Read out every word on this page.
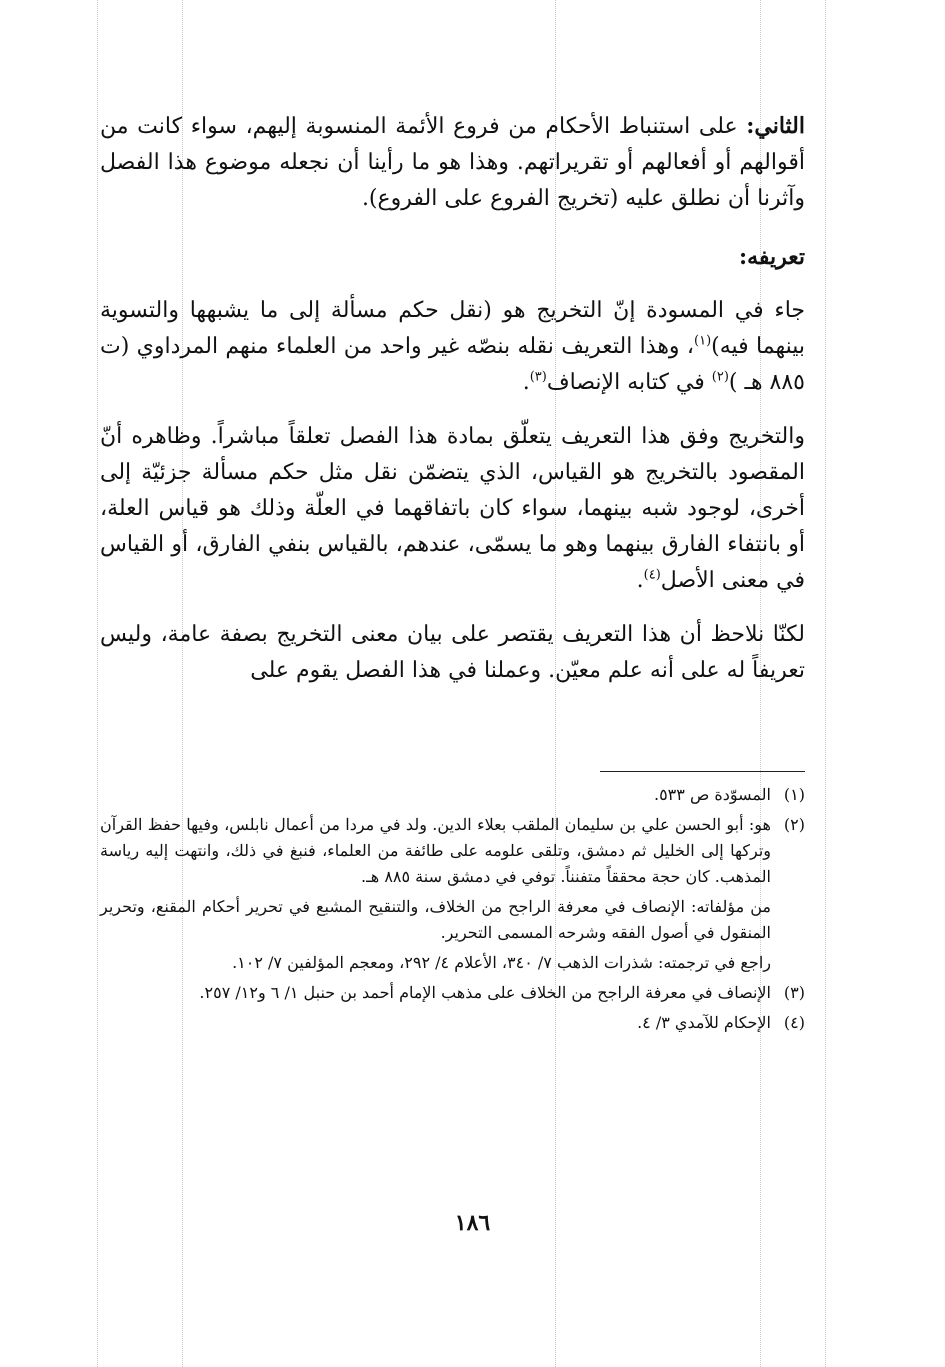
الثاني: على استنباط الأحكام من فروع الأئمة المنسوبة إليهم، سواء كانت من أقوالهم أو أفعالهم أو تقريراتهم. وهذا هو ما رأينا أن نجعله موضوع هذا الفصل وآثرنا أن نطلق عليه (تخريج الفروع على الفروع).

تعريفه:

جاء في المسودة إنّ التخريج هو (نقل حكم مسألة إلى ما يشبهها والتسوية بينهما فيه)$^{(١)}$، وهذا التعريف نقله بنصّه غير واحد من العلماء منهم المرداوي (ت ٨٨٥ هـ )$^{(٢)}$ في كتابه الإنصاف$^{(٣)}$.

والتخريج وفق هذا التعريف يتعلّق بمادة هذا الفصل تعلقاً مباشراً. وظاهره أنّ المقصود بالتخريج هو القياس، الذي يتضمّن نقل مثل حكم مسألة جزئيّة إلى أخرى، لوجود شبه بينهما، سواء كان باتفاقهما في العلّة وذلك هو قياس العلة، أو بانتفاء الفارق بينهما وهو ما يسمّى، عندهم، بالقياس بنفي الفارق، أو القياس في معنى الأصل$^{(٤)}$.

لكنّا نلاحظ أن هذا التعريف يقتصر على بيان معنى التخريج بصفة عامة، وليس تعريفاً له على أنه علم معيّن. وعملنا في هذا الفصل يقوم على

(١)
المسوّدة ص ٥٣٣.

(٢)
هو: أبو الحسن علي بن سليمان الملقب بعلاء الدين. ولد في مردا من أعمال نابلس، وفيها حفظ القرآن وتركها إلى الخليل ثم دمشق، وتلقى علومه على طائفة من العلماء، فنبغ في ذلك، وانتهت إليه رياسة المذهب. كان حجة محققاً متفنناً. توفي في دمشق سنة ٨٨٥ هـ.

من مؤلفاته: الإنصاف في معرفة الراجح من الخلاف، والتنقيح المشبع في تحرير أحكام المقنع، وتحرير المنقول في أصول الفقه وشرحه المسمى التحرير.

راجع في ترجمته: شذرات الذهب ٧/ ٣٤٠، الأعلام ٤/ ٢٩٢، ومعجم المؤلفين ٧/ ١٠٢.

(٣)
الإنصاف في معرفة الراجح من الخلاف على مذهب الإمام أحمد بن حنبل ١/ ٦ و١٢/ ٢٥٧.

(٤)
الإحكام للآمدي ٣/ ٤.

١٨٦
